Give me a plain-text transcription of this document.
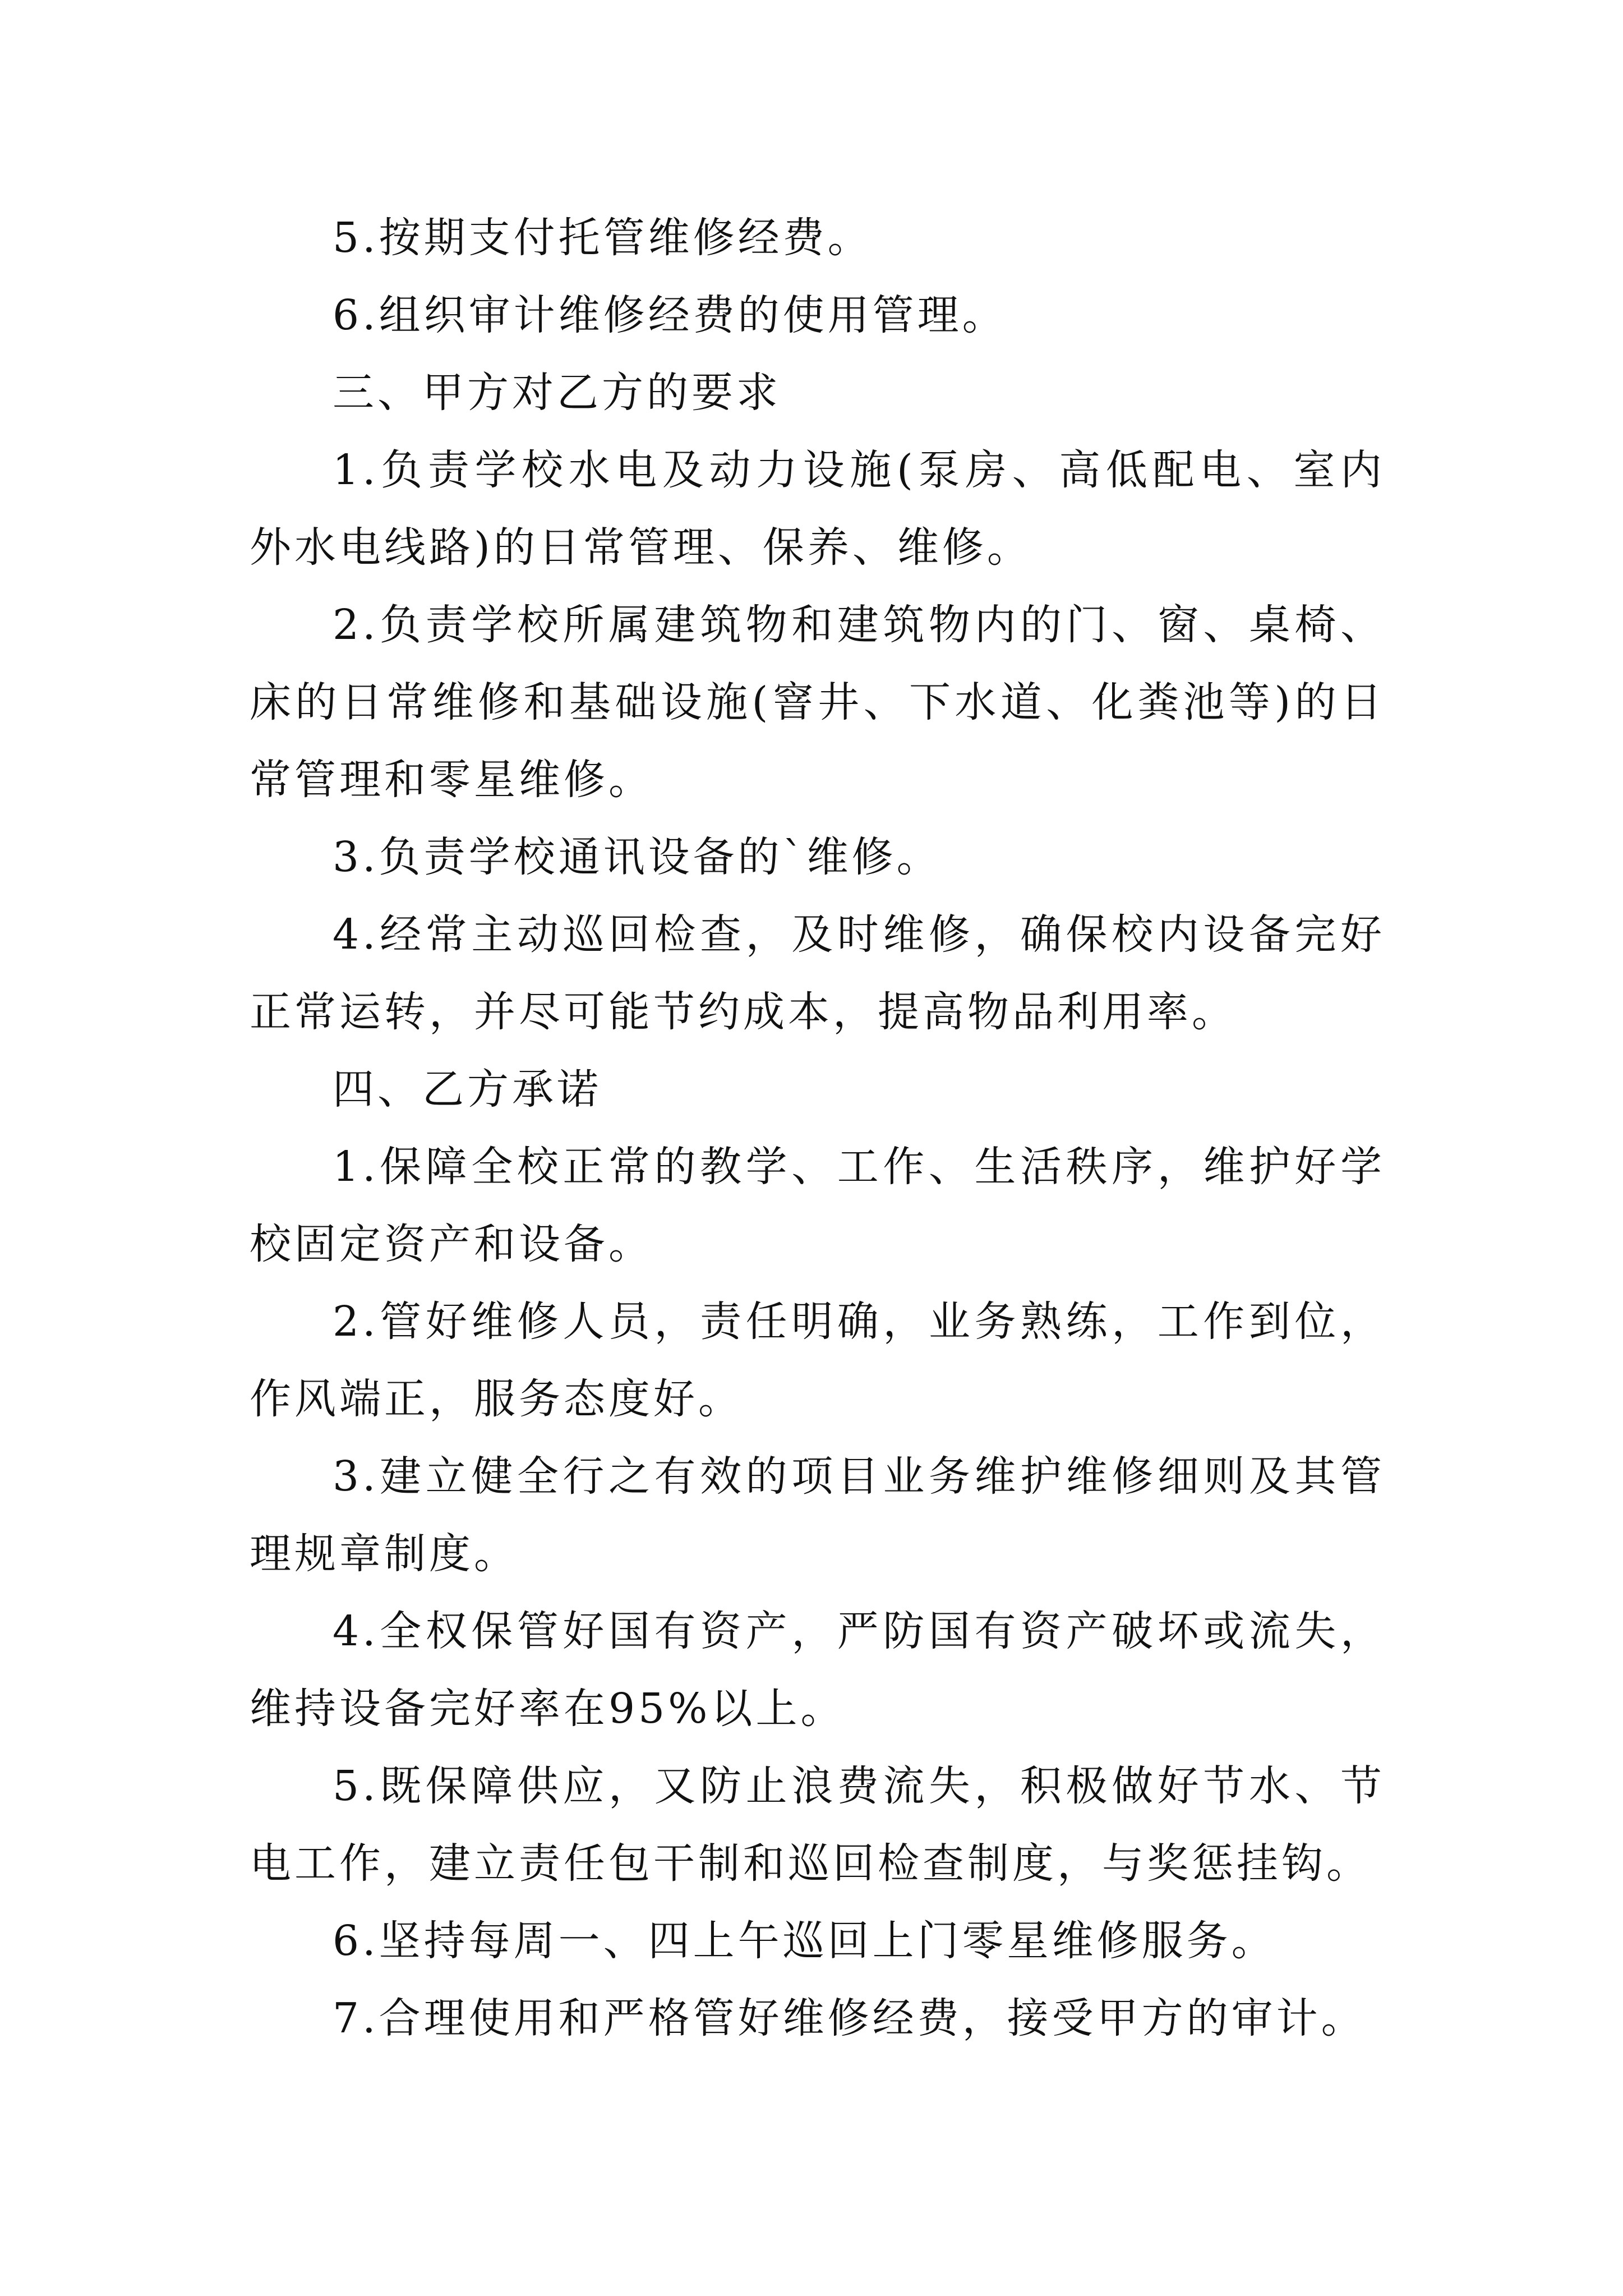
5.按期支付托管维修经费。

6.组织审计维修经费的使用管理。

三、甲方对乙方的要求

1.负责学校水电及动力设施(泵房、高低配电、室内外水电线路)的日常管理、保养、维修。

2.负责学校所属建筑物和建筑物内的门、窗、桌椅、床的日常维修和基础设施(窨井、下水道、化粪池等)的日常管理和零星维修。

3.负责学校通讯设备的`维修。

4.经常主动巡回检查，及时维修，确保校内设备完好正常运转，并尽可能节约成本，提高物品利用率。

四、乙方承诺

1.保障全校正常的教学、工作、生活秩序，维护好学校固定资产和设备。

2.管好维修人员，责任明确，业务熟练，工作到位，作风端正，服务态度好。

3.建立健全行之有效的项目业务维护维修细则及其管理规章制度。

4.全权保管好国有资产，严防国有资产破坏或流失，维持设备完好率在95%以上。

5.既保障供应，又防止浪费流失，积极做好节水、节电工作，建立责任包干制和巡回检查制度，与奖惩挂钩。

6.坚持每周一、四上午巡回上门零星维修服务。

7.合理使用和严格管好维修经费，接受甲方的审计。
